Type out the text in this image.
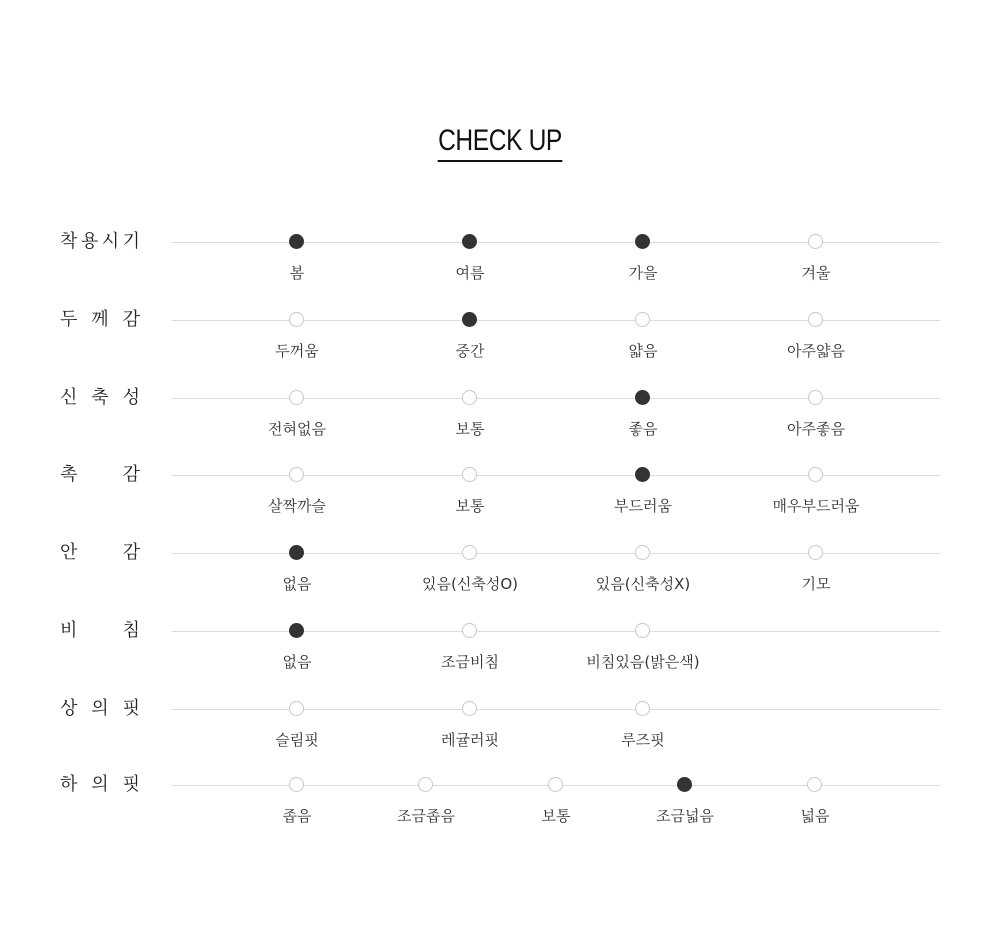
CHECK UP
착 용 시 기
봄	여름	가을	겨울
두 께 감
두꺼움	중간	얇음	아주얇음
신 축 성
전혀없음	보통	좋음	아주좋음
촉	감
살짝까슬	보통	부드러움	매우부드러움
안	감
없음	있음(신축성O)	있음(신축성X)	기모
비	침
없음	조금비침	비침있음(밝은색)
상 의 핏
슬림핏	레귤러핏	루즈핏
하 의 핏
좁음	조금좁음	보통	조금넓음	넓음
